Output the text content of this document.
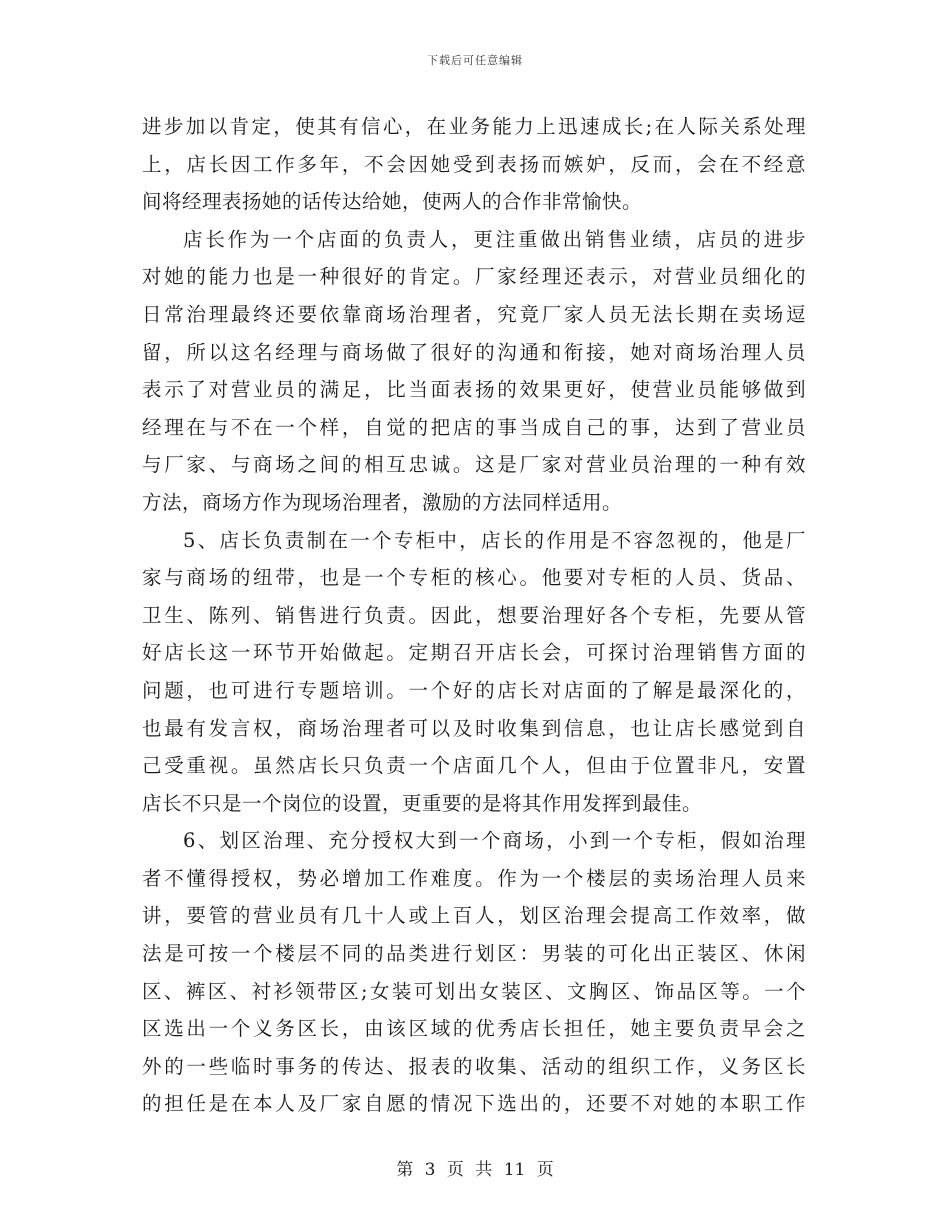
下载后可任意编辑
进步加以肯定，使其有信心，在业务能力上迅速成长;在人际关系处理
上，店长因工作多年，不会因她受到表扬而嫉妒，反而，会在不经意
间将经理表扬她的话传达给她，使两人的合作非常愉快。
店长作为一个店面的负责人，更注重做出销售业绩，店员的进步
对她的能力也是一种很好的肯定。厂家经理还表示，对营业员细化的
日常治理最终还要依靠商场治理者，究竟厂家人员无法长期在卖场逗
留，所以这名经理与商场做了很好的沟通和衔接，她对商场治理人员
表示了对营业员的满足，比当面表扬的效果更好，使营业员能够做到
经理在与不在一个样，自觉的把店的事当成自己的事，达到了营业员
与厂家、与商场之间的相互忠诚。这是厂家对营业员治理的一种有效
方法，商场方作为现场治理者，激励的方法同样适用。
5、店长负责制在一个专柜中，店长的作用是不容忽视的，他是厂
家与商场的纽带，也是一个专柜的核心。他要对专柜的人员、货品、
卫生、陈列、销售进行负责。因此，想要治理好各个专柜，先要从管
好店长这一环节开始做起。定期召开店长会，可探讨治理销售方面的
问题，也可进行专题培训。一个好的店长对店面的了解是最深化的，
也最有发言权，商场治理者可以及时收集到信息，也让店长感觉到自
己受重视。虽然店长只负责一个店面几个人，但由于位置非凡，安置
店长不只是一个岗位的设置，更重要的是将其作用发挥到最佳。
6、划区治理、充分授权大到一个商场，小到一个专柜，假如治理
者不懂得授权，势必增加工作难度。作为一个楼层的卖场治理人员来
讲，要管的营业员有几十人或上百人，划区治理会提高工作效率，做
法是可按一个楼层不同的品类进行划区：男装的可化出正装区、休闲
区、裤区、衬衫领带区;女装可划出女装区、文胸区、饰品区等。一个
区选出一个义务区长，由该区域的优秀店长担任，她主要负责早会之
外的一些临时事务的传达、报表的收集、活动的组织工作，义务区长
的担任是在本人及厂家自愿的情况下选出的，还要不对她的本职工作
第 3 页 共 11 页
